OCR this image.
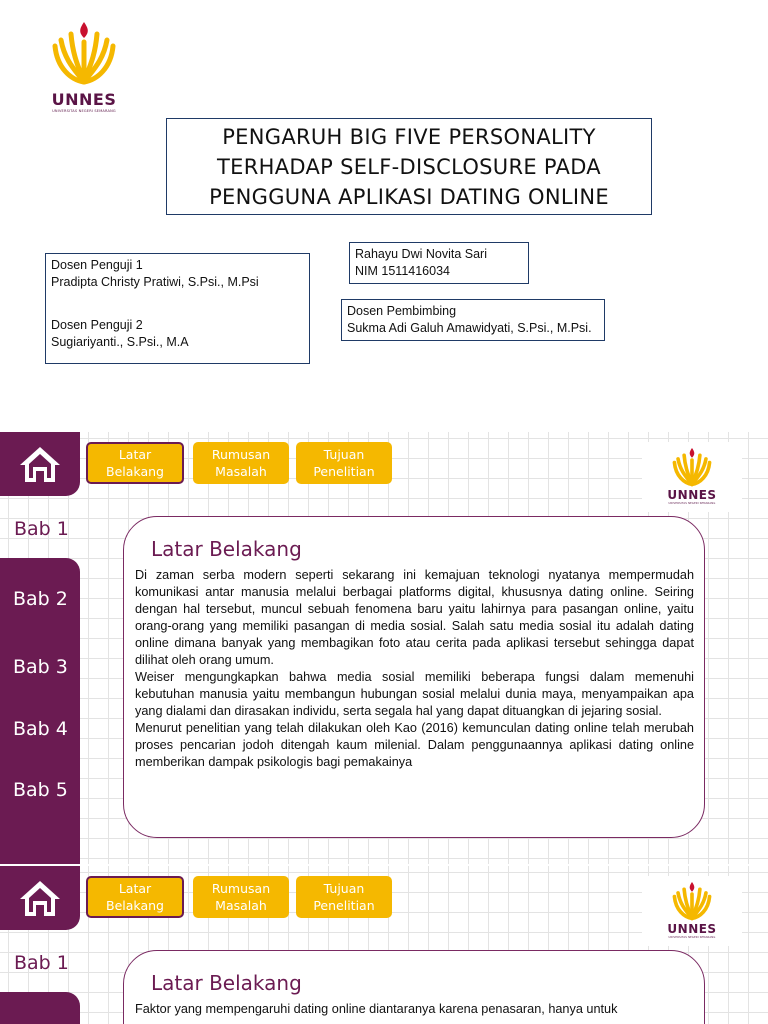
UNNES
UNIVERSITAS NEGERI SEMARANG
PENGARUH BIG FIVE PERSONALITY TERHADAP SELF-DISCLOSURE PADA PENGGUNA APLIKASI DATING ONLINE
Dosen Penguji 1
Pradipta Christy Pratiwi, S.Psi., M.Psi
Dosen Penguji 2
Sugiariyanti., S.Psi., M.A
Rahayu Dwi Novita Sari
NIM 1511416034
Dosen Pembimbing
Sukma Adi Galuh Amawidyati, S.Psi., M.Psi.
Bab 1
Bab 2
Bab 3
Bab 4
Bab 5
Latar
Belakang
Rumusan
Masalah
Tujuan
Penelitian
UNNES
UNIVERSITAS NEGERI SEMARANG
Latar Belakang

Di zaman serba modern seperti sekarang ini kemajuan teknologi nyatanya mempermudah komunikasi antar manusia melalui berbagai platforms digital, khususnya dating online. Seiring dengan hal tersebut, muncul sebuah fenomena baru yaitu lahirnya para pasangan online, yaitu orang-orang yang memiliki pasangan di media sosial. Salah satu media sosial itu adalah dating online dimana banyak yang membagikan foto atau cerita pada aplikasi tersebut sehingga dapat dilihat oleh orang umum.

Weiser mengungkapkan bahwa media sosial memiliki beberapa fungsi dalam memenuhi kebutuhan manusia yaitu membangun hubungan sosial melalui dunia maya, menyampaikan apa yang dialami dan dirasakan individu, serta segala hal yang dapat dituangkan di jejaring sosial.

Menurut penelitian yang telah dilakukan oleh Kao (2016) kemunculan dating online telah merubah proses pencarian jodoh ditengah kaum milenial. Dalam penggunaannya aplikasi dating online memberikan dampak psikologis bagi pemakainya

Bab 1
Latar
Belakang
Rumusan
Masalah
Tujuan
Penelitian
UNNES
UNIVERSITAS NEGERI SEMARANG
Latar Belakang

Faktor yang mempengaruhi dating online diantaranya karena penasaran, hanya untuk
